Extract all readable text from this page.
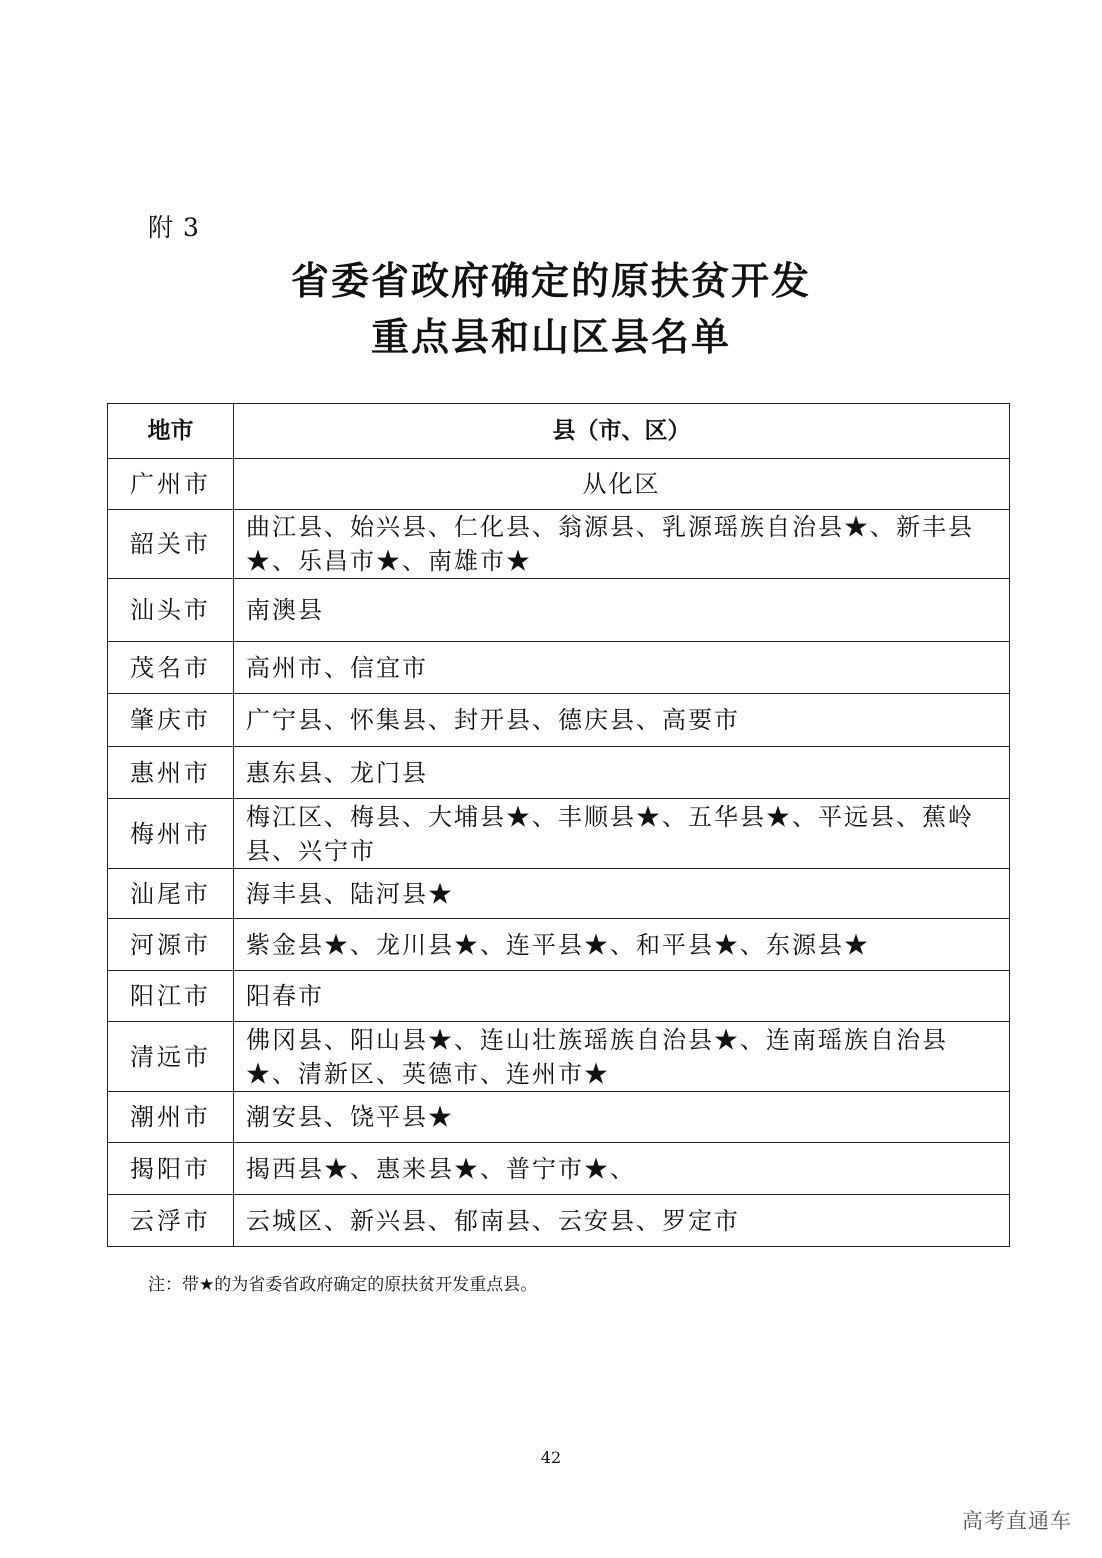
附 3
省委省政府确定的原扶贫开发
重点县和山区县名单
地市	县（市、区）
广州市	从化区
韶关市	曲江县、始兴县、仁化县、翁源县、乳源瑶族自治县★、新丰县★、乐昌市★、南雄市★
汕头市	南澳县
茂名市	高州市、信宜市
肇庆市	广宁县、怀集县、封开县、德庆县、高要市
惠州市	惠东县、龙门县
梅州市	梅江区、梅县、大埔县★、丰顺县★、五华县★、平远县、蕉岭县、兴宁市
汕尾市	海丰县、陆河县★
河源市	紫金县★、龙川县★、连平县★、和平县★、东源县★
阳江市	阳春市
清远市	佛冈县、阳山县★、连山壮族瑶族自治县★、连南瑶族自治县★、清新区、英德市、连州市★
潮州市	潮安县、饶平县★
揭阳市	揭西县★、惠来县★、普宁市★、
云浮市	云城区、新兴县、郁南县、云安县、罗定市
注：带★的为省委省政府确定的原扶贫开发重点县。
42
高考直通车
